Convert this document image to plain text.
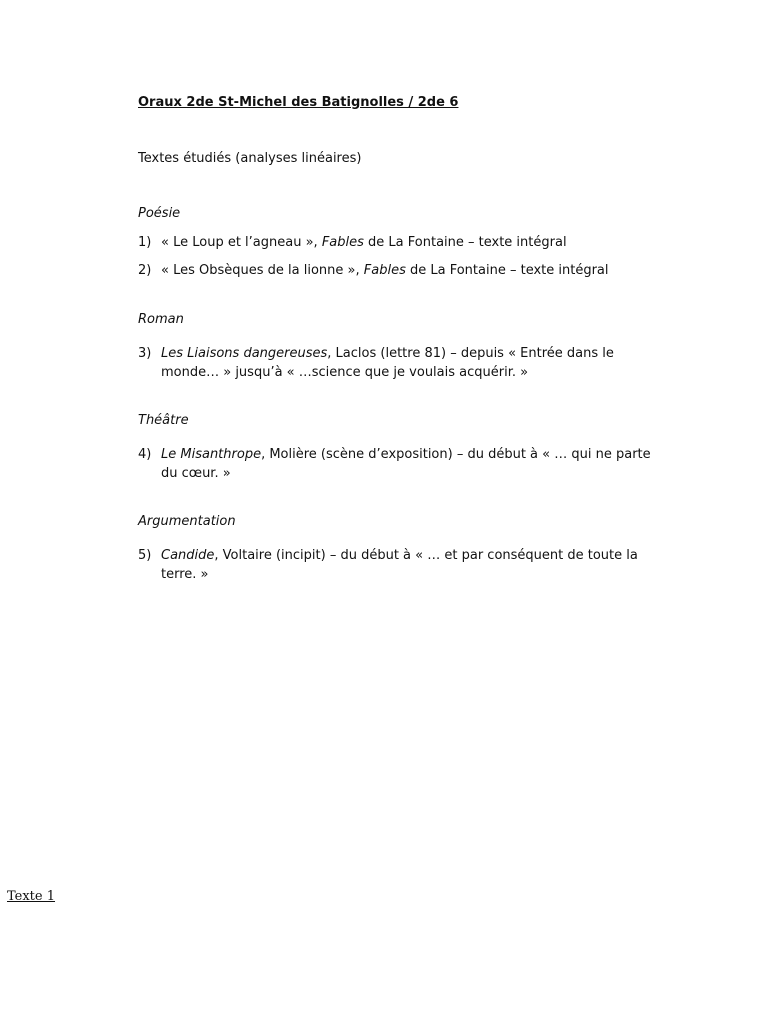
Oraux 2de St-Michel des Batignolles / 2de 6
Textes étudiés (analyses linéaires)
Poésie
1) « Le Loup et l’agneau », Fables de La Fontaine – texte intégral
2) « Les Obsèques de la lionne », Fables de La Fontaine – texte intégral
Roman
3) Les Liaisons dangereuses, Laclos (lettre 81) – depuis « Entrée dans le monde… » jusqu’à « …science que je voulais acquérir. »
Théâtre
4) Le Misanthrope, Molière (scène d’exposition) – du début à « … qui ne parte du cœur. »
Argumentation
5) Candide, Voltaire (incipit) – du début à « … et par conséquent de toute la terre. »
Texte 1
